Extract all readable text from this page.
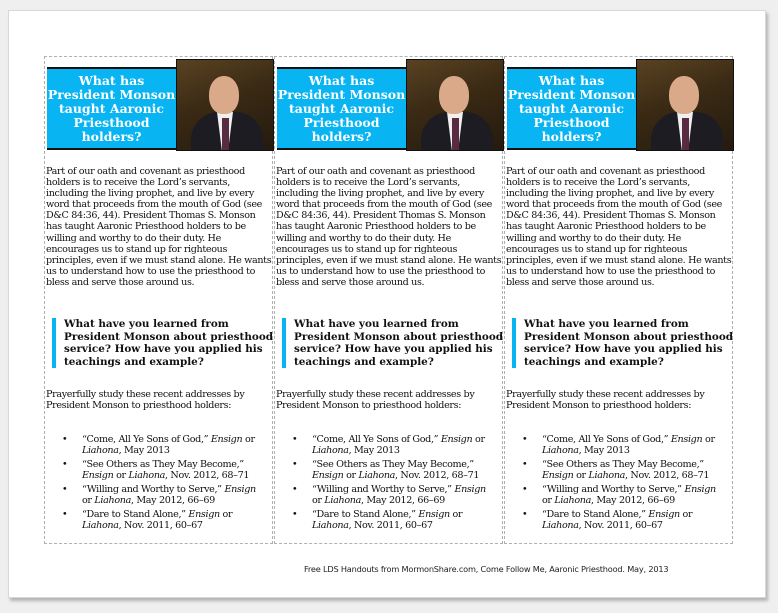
What has President Monson taught Aaronic Priesthood holders?
Part of our oath and covenant as priesthood holders is to receive the Lord’s servants, including the living prophet, and live by every word that proceeds from the mouth of God (see D&C 84:36, 44). President Thomas S. Monson has taught Aaronic Priesthood holders to be willing and worthy to do their duty. He encourages us to stand up for righteous principles, even if we must stand alone. He wants us to understand how to use the priesthood to bless and serve those around us.
What have you learned from President Monson about priesthood service? How have you applied his teachings and example?
Prayerfully study these recent addresses by President Monson to priesthood holders:
• “Come, All Ye Sons of God,” Ensign or Liahona, May 2013
• “See Others as They May Become,” Ensign or Liahona, Nov. 2012, 68–71
• “Willing and Worthy to Serve,” Ensign or Liahona, May 2012, 66–69
• “Dare to Stand Alone,” Ensign or Liahona, Nov. 2011, 60–67
What has President Monson taught Aaronic Priesthood holders?
Part of our oath and covenant as priesthood holders is to receive the Lord’s servants, including the living prophet, and live by every word that proceeds from the mouth of God (see D&C 84:36, 44). President Thomas S. Monson has taught Aaronic Priesthood holders to be willing and worthy to do their duty. He encourages us to stand up for righteous principles, even if we must stand alone. He wants us to understand how to use the priesthood to bless and serve those around us.
What have you learned from President Monson about priesthood service? How have you applied his teachings and example?
Prayerfully study these recent addresses by President Monson to priesthood holders:
• “Come, All Ye Sons of God,” Ensign or Liahona, May 2013
• “See Others as They May Become,” Ensign or Liahona, Nov. 2012, 68–71
• “Willing and Worthy to Serve,” Ensign or Liahona, May 2012, 66–69
• “Dare to Stand Alone,” Ensign or Liahona, Nov. 2011, 60–67
What has President Monson taught Aaronic Priesthood holders?
Part of our oath and covenant as priesthood holders is to receive the Lord’s servants, including the living prophet, and live by every word that proceeds from the mouth of God (see D&C 84:36, 44). President Thomas S. Monson has taught Aaronic Priesthood holders to be willing and worthy to do their duty. He encourages us to stand up for righteous principles, even if we must stand alone. He wants us to understand how to use the priesthood to bless and serve those around us.
What have you learned from President Monson about priesthood service? How have you applied his teachings and example?
Prayerfully study these recent addresses by President Monson to priesthood holders:
• “Come, All Ye Sons of God,” Ensign or Liahona, May 2013
• “See Others as They May Become,” Ensign or Liahona, Nov. 2012, 68–71
• “Willing and Worthy to Serve,” Ensign or Liahona, May 2012, 66–69
• “Dare to Stand Alone,” Ensign or Liahona, Nov. 2011, 60–67
Free LDS Handouts from MormonShare.com, Come Follow Me, Aaronic Priesthood. May, 2013
